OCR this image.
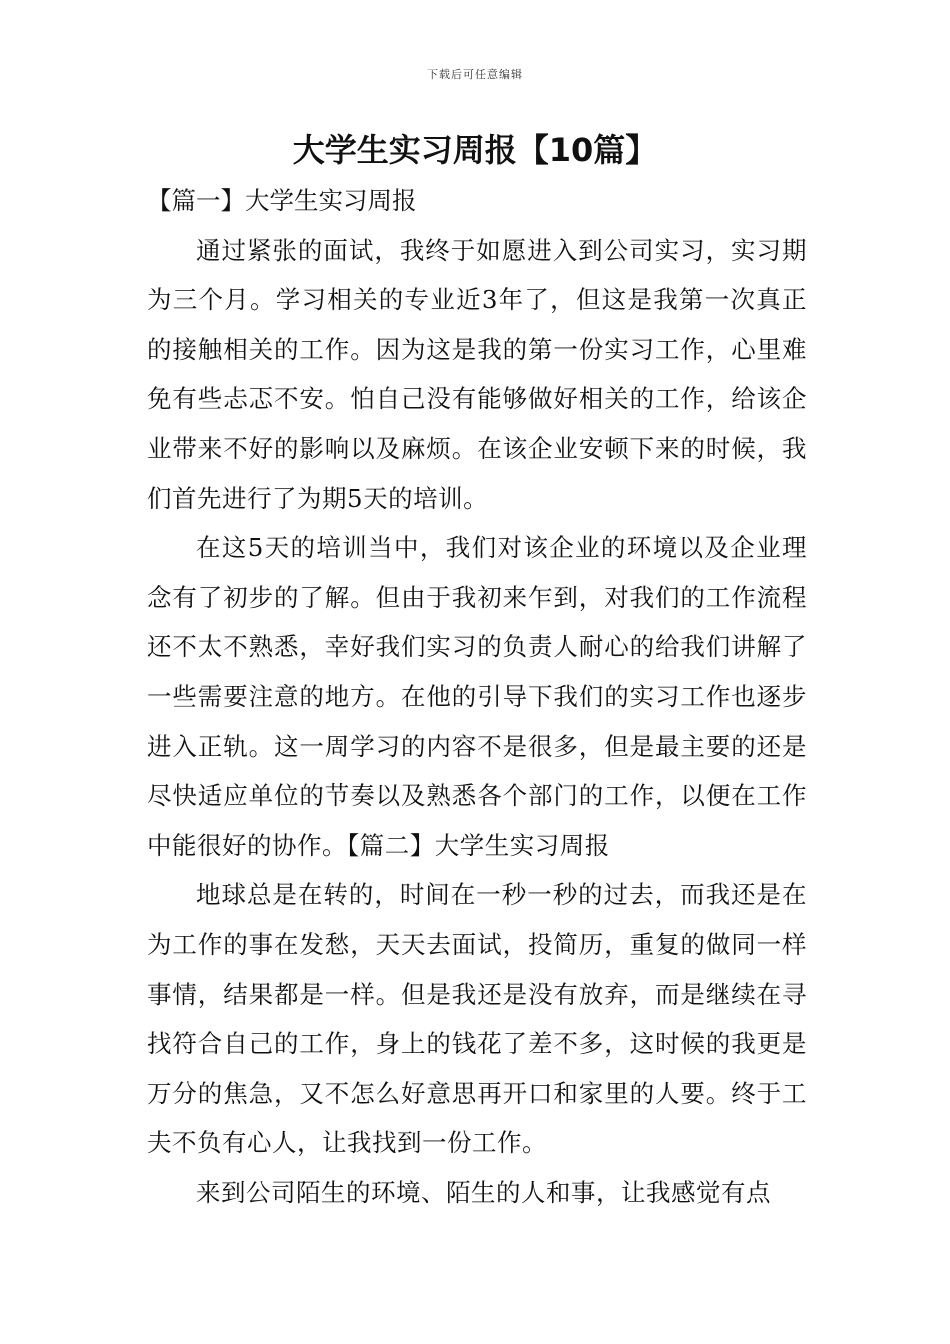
下载后可任意编辑
大学生实习周报【10篇】

【篇一】大学生实习周报

通过紧张的面试，我终于如愿进入到公司实习，实习期为三个月。学习相关的专业近3年了，但这是我第一次真正的接触相关的工作。因为这是我的第一份实习工作，心里难免有些忐忑不安。怕自己没有能够做好相关的工作，给该企业带来不好的影响以及麻烦。在该企业安顿下来的时候，我们首先进行了为期5天的培训。

在这5天的培训当中，我们对该企业的环境以及企业理念有了初步的了解。但由于我初来乍到，对我们的工作流程还不太不熟悉，幸好我们实习的负责人耐心的给我们讲解了一些需要注意的地方。在他的引导下我们的实习工作也逐步进入正轨。这一周学习的内容不是很多，但是最主要的还是尽快适应单位的节奏以及熟悉各个部门的工作，以便在工作中能很好的协作。【篇二】大学生实习周报

地球总是在转的，时间在一秒一秒的过去，而我还是在为工作的事在发愁，天天去面试，投简历，重复的做同一样事情，结果都是一样。但是我还是没有放弃，而是继续在寻找符合自己的工作，身上的钱花了差不多，这时候的我更是万分的焦急，又不怎么好意思再开口和家里的人要。终于工夫不负有心人，让我找到一份工作。

来到公司陌生的环境、陌生的人和事，让我感觉有点
